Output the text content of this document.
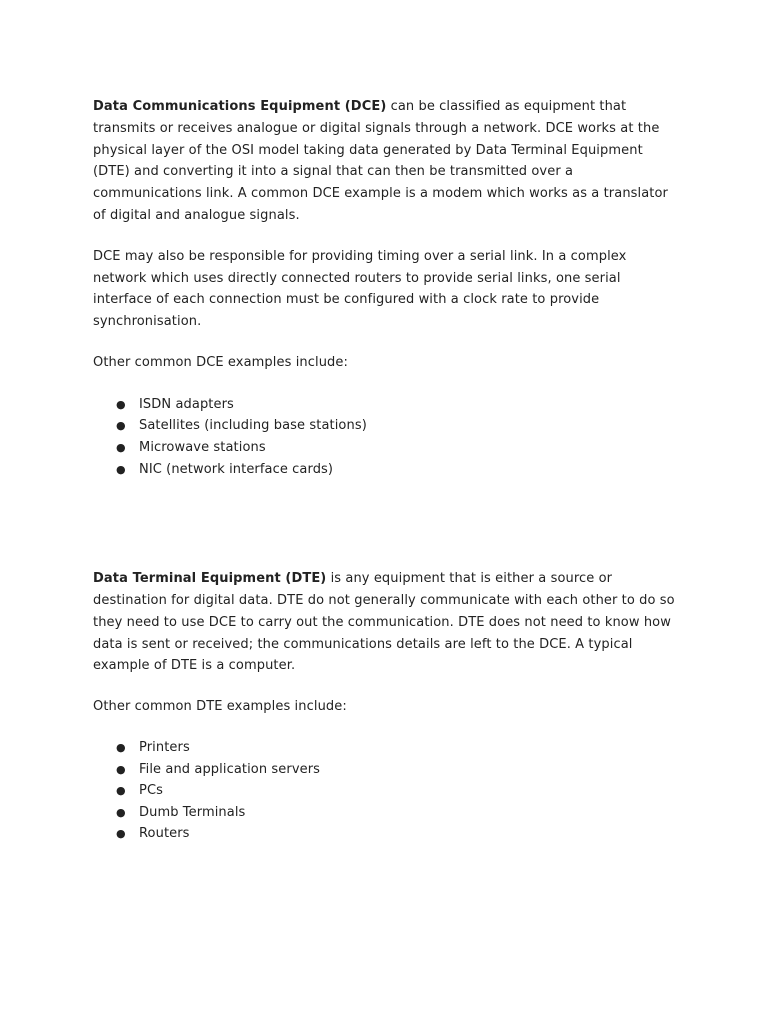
Data Communications Equipment (DCE) can be classified as equipment that transmits or receives analogue or digital signals through a network. DCE works at the physical layer of the OSI model taking data generated by Data Terminal Equipment (DTE) and converting it into a signal that can then be transmitted over a communications link. A common DCE example is a modem which works as a translator of digital and analogue signals.

DCE may also be responsible for providing timing over a serial link. In a complex network which uses directly connected routers to provide serial links, one serial interface of each connection must be configured with a clock rate to provide synchronisation.

Other common DCE examples include:

● ISDN adapters
● Satellites (including base stations)
● Microwave stations
● NIC (network interface cards)

Data Terminal Equipment (DTE) is any equipment that is either a source or destination for digital data. DTE do not generally communicate with each other to do so they need to use DCE to carry out the communication. DTE does not need to know how data is sent or received; the communications details are left to the DCE. A typical example of DTE is a computer.

Other common DTE examples include:

● Printers
● File and application servers
● PCs
● Dumb Terminals
● Routers
